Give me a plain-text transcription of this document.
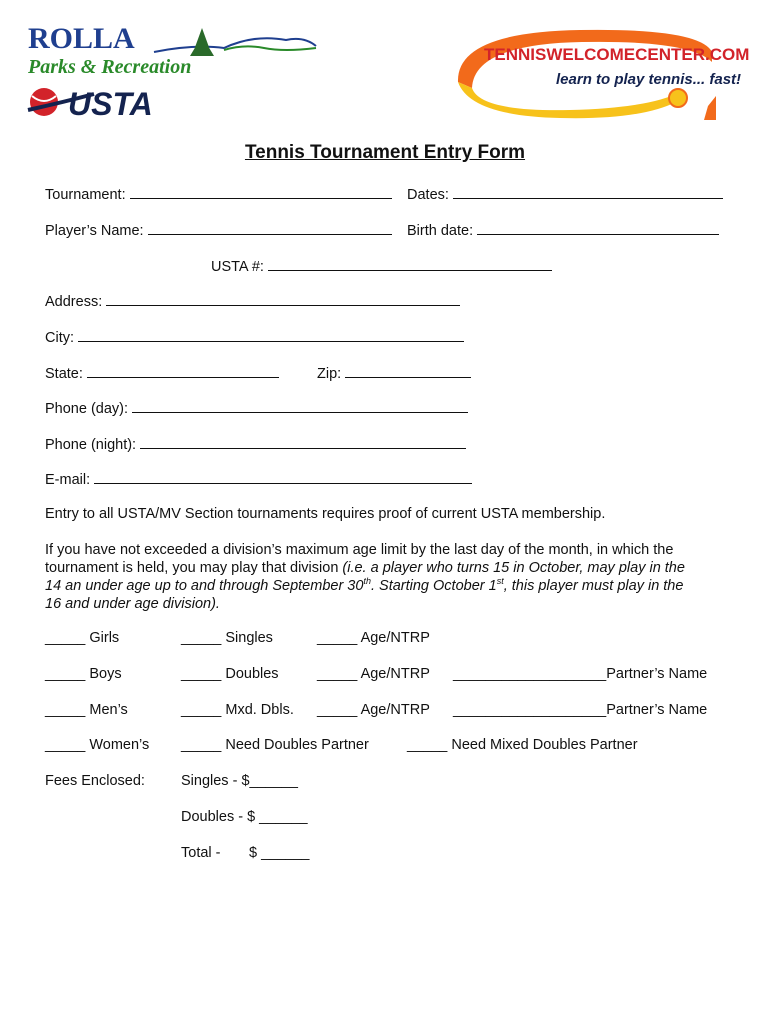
ROLLA
Parks & Recreation
USTA
TENNISWELCOMECENTER.COM
learn to play tennis... fast!
Tennis Tournament Entry Form
Tournament:	Dates:
Player’s Name:	Birth date:
USTA #:
Address:
City:
State:	Zip:
Phone (day):
Phone (night):
E-mail:
Entry to all USTA/MV Section tournaments requires proof of current USTA membership.
If you have not exceeded a division’s maximum age limit by the last day of the month, in which the
tournament is held, you may play that division (i.e. a player who turns 15 in October, may play in the
14 an under age up to and through September 30th. Starting October 1st, this player must play in the
16 and under age division).
_____ Girls	_____ Singles	_____ Age/NTRP
_____ Boys	_____ Doubles	_____ Age/NTRP ___________________Partner’s Name
_____ Men’s	_____ Mxd. Dbls. _____ Age/NTRP ___________________Partner’s Name
_____ Women’s _____ Need Doubles Partner	_____ Need Mixed Doubles Partner
Fees Enclosed: Singles - $______
Doubles - $ ______
Total - $ ______
